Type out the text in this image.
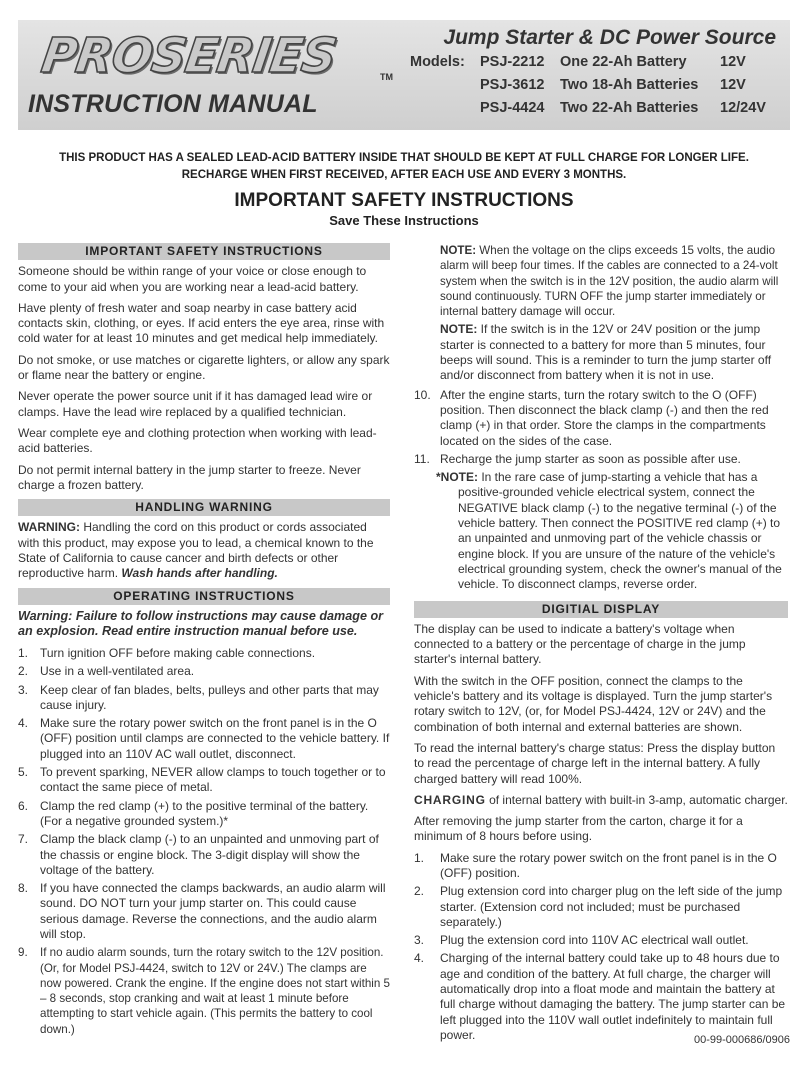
PROSERIES	TM
INSTRUCTION MANUAL
Jump Starter & DC Power Source
Models:	PSJ-2212	One 22-Ah Battery	12V
	PSJ-3612	Two 18-Ah Batteries	12V
	PSJ-4424	Two 22-Ah Batteries	12/24V
THIS PRODUCT HAS A SEALED LEAD-ACID BATTERY INSIDE THAT SHOULD BE KEPT AT FULL CHARGE FOR LONGER LIFE.
RECHARGE WHEN FIRST RECEIVED, AFTER EACH USE AND EVERY 3 MONTHS.
IMPORTANT SAFETY INSTRUCTIONS
Save These Instructions
IMPORTANT SAFETY INSTRUCTIONS

Someone should be within range of your voice or close enough to come to your aid when you are working near a lead-acid battery.

Have plenty of fresh water and soap nearby in case battery acid contacts skin, clothing, or eyes. If acid enters the eye area, rinse with cold water for at least 10 minutes and get medical help immediately.

Do not smoke, or use matches or cigarette lighters, or allow any spark or flame near the battery or engine.

Never operate the power source unit if it has damaged lead wire or clamps. Have the lead wire replaced by a qualified technician.

Wear complete eye and clothing protection when working with lead-acid batteries.

Do not permit internal battery in the jump starter to freeze. Never charge a frozen battery.

HANDLING WARNING

WARNING: Handling the cord on this product or cords associated with this product, may expose you to lead, a chemical known to the State of California to cause cancer and birth defects or other reproductive harm. Wash hands after handling.

OPERATING INSTRUCTIONS

Warning: Failure to follow instructions may cause damage or an explosion. Read entire instruction manual before use.

1. Turn ignition OFF before making cable connections.
2. Use in a well-ventilated area.
3. Keep clear of fan blades, belts, pulleys and other parts that may cause injury.
4. Make sure the rotary power switch on the front panel is in the O (OFF) position until clamps are connected to the vehicle battery. If plugged into an 110V AC wall outlet, disconnect.
5. To prevent sparking, NEVER allow clamps to touch together or to contact the same piece of metal.
6. Clamp the red clamp (+) to the positive terminal of the battery. (For a negative grounded system.)*
7. Clamp the black clamp (-) to an unpainted and unmoving part of the chassis or engine block. The 3-digit display will show the voltage of the battery.
8. If you have connected the clamps backwards, an audio alarm will sound. DO NOT turn your jump starter on. This could cause serious damage. Reverse the connections, and the audio alarm will stop.
9. If no audio alarm sounds, turn the rotary switch to the 12V position. (Or, for Model PSJ-4424, switch to 12V or 24V.) The clamps are now powered. Crank the engine. If the engine does not start within 5 – 8 seconds, stop cranking and wait at least 1 minute before attempting to start vehicle again. (This permits the battery to cool down.)
NOTE: When the voltage on the clips exceeds 15 volts, the audio alarm will beep four times. If the cables are connected to a 24-volt system when the switch is in the 12V position, the audio alarm will sound continuously. TURN OFF the jump starter immediately or internal battery damage will occur.
NOTE: If the switch is in the 12V or 24V position or the jump starter is connected to a battery for more than 5 minutes, four beeps will sound. This is a reminder to turn the jump starter off and/or disconnect from battery when it is not in use.
10. After the engine starts, turn the rotary switch to the O (OFF) position. Then disconnect the black clamp (-) and then the red clamp (+) in that order. Store the clamps in the compartments located on the sides of the case.
11. Recharge the jump starter as soon as possible after use.
*NOTE: In the rare case of jump-starting a vehicle that has a positive-grounded vehicle electrical system, connect the NEGATIVE black clamp (-) to the negative terminal (-) of the vehicle battery. Then connect the POSITIVE red clamp (+) to an unpainted and unmoving part of the vehicle chassis or engine block. If you are unsure of the nature of the vehicle's electrical grounding system, check the owner's manual of the vehicle. To disconnect clamps, reverse order.
DIGITIAL DISPLAY

The display can be used to indicate a battery's voltage when connected to a battery or the percentage of charge in the jump starter's internal battery.

With the switch in the OFF position, connect the clamps to the vehicle's battery and its voltage is displayed. Turn the jump starter's rotary switch to 12V, (or, for Model PSJ-4424, 12V or 24V) and the combination of both internal and external batteries are shown.

To read the internal battery's charge status: Press the display button to read the percentage of charge left in the internal battery. A fully charged battery will read 100%.

CHARGING of internal battery with built-in 3-amp, automatic charger.

After removing the jump starter from the carton, charge it for a minimum of 8 hours before using.

1. Make sure the rotary power switch on the front panel is in the O (OFF) position.
2. Plug extension cord into charger plug on the left side of the jump starter. (Extension cord not included; must be purchased separately.)
3. Plug the extension cord into 110V AC electrical wall outlet.
4. Charging of the internal battery could take up to 48 hours due to age and condition of the battery. At full charge, the charger will automatically drop into a float mode and maintain the battery at full charge without damaging the battery. The jump starter can be left plugged into the 110V wall outlet indefinitely to maintain full power.	00-99-000686/0906
